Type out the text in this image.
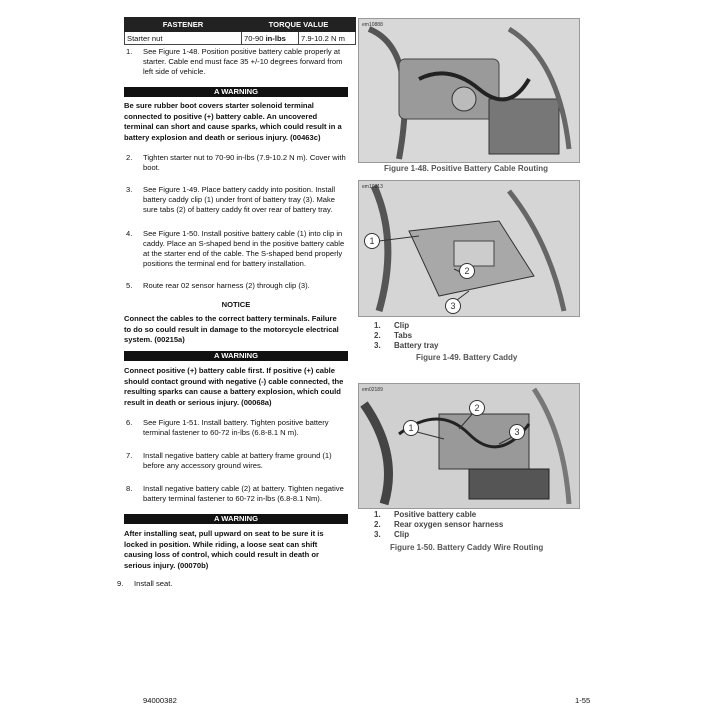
FASTENER	TORQUE VALUE	
Starter nut	70-90 in-lbs	7.9-10.2 N m
1. See Figure 1-48. Position positive battery cable properly at
starter. Cable end must face 35 +/-10 degrees forward from
left side of vehicle.
A WARNING
Be sure rubber boot covers starter solenoid terminal
connected to positive (+) battery cable. An uncovered
terminal can short and cause sparks, which could result in a
battery explosion and death or serious injury. (00463c)
2. Tighten starter nut to 70-90 in-lbs (7.9-10.2 N m). Cover with
boot.
3. See Figure 1-49. Place battery caddy into position. Install
battery caddy clip (1) under front of battery tray (3). Make
sure tabs (2) of battery caddy fit over rear of battery tray.
4. See Figure 1-50. Install positive battery cable (1) into clip in
caddy. Place an S-shaped bend in the positive battery cable
at the starter end of the cable. The S-shaped bend properly
positions the terminal end for battery installation.
5. Route rear 02 sensor harness (2) through clip (3).
NOTICE
Connect the cables to the correct battery terminals. Failure
to do so could result in damage to the motorcycle electrical
system. (00215a)
A WARNING
Connect positive (+) battery cable first. If positive (+) cable
should contact ground with negative (-) cable connected, the
resulting sparks can cause a battery explosion, which could
result in death or serious injury. (00068a)
6. See Figure 1-51. Install battery. Tighten positive battery
terminal fastener to 60-72 in-lbs (6.8-8.1 N m).
7. Install negative battery cable at battery frame ground (1)
before any accessory ground wires.
8. Install negative battery cable (2) at battery. Tighten negative
battery terminal fastener to 60-72 in-lbs (6.8-8.1 Nm).
A WARNING
After installing seat, pull upward on seat to be sure it is
locked in position. While riding, a loose seat can shift
causing loss of control, which could result in death or
serious injury. (00070b)
9. Install seat.
em10888
Figure 1-48. Positive Battery Cable Routing
em10813
1
2
3
1. Clip
2. Tabs
3. Battery tray
Figure 1-49. Battery Caddy
em02189
1
2
3
1. Positive battery cable
2. Rear oxygen sensor harness
3. Clip
Figure 1-50. Battery Caddy Wire Routing
94000382	1-55
